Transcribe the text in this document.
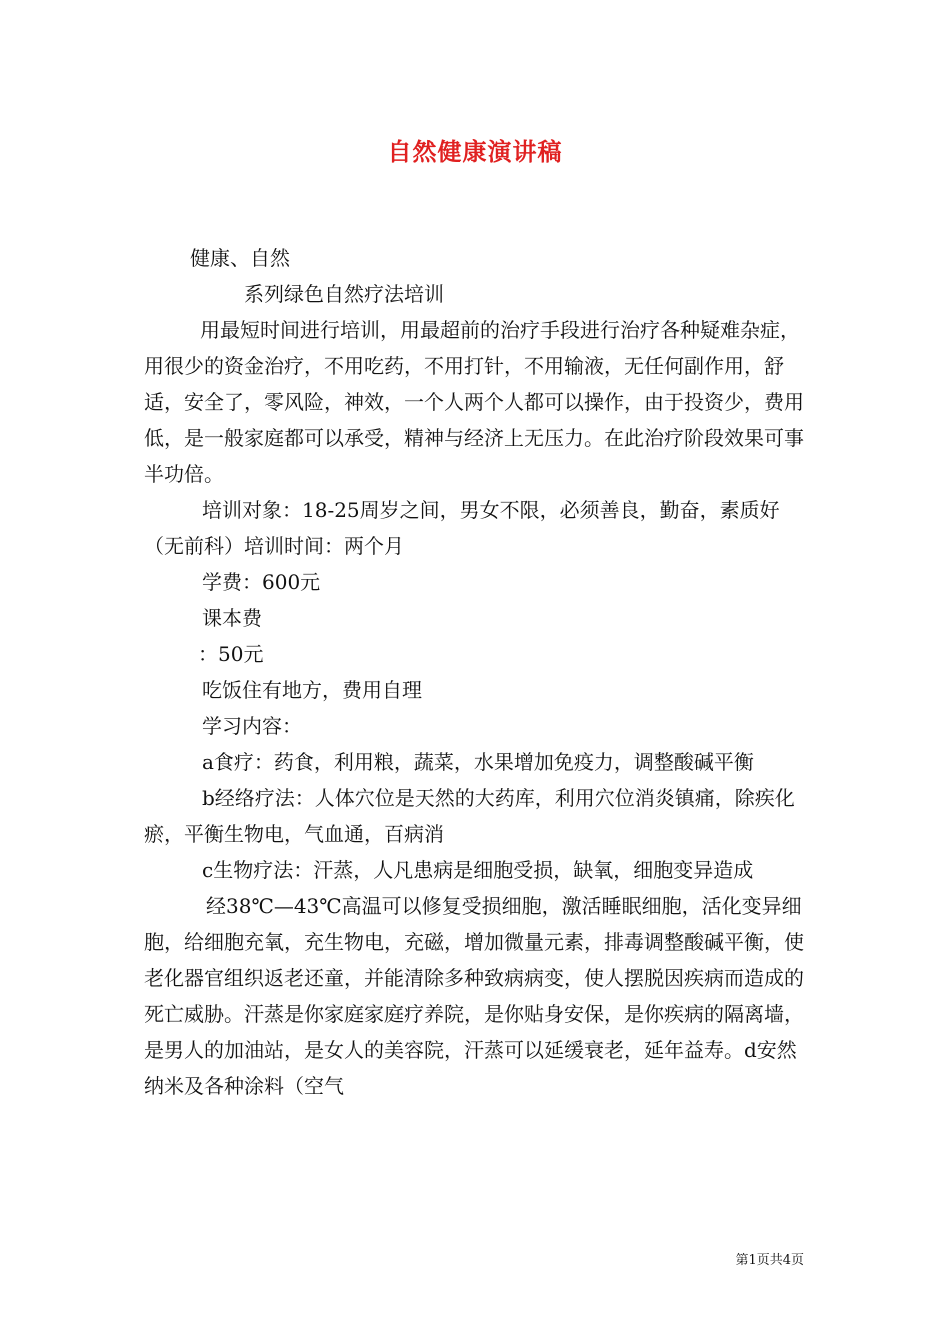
自然健康演讲稿

健康、自然

系列绿色自然疗法培训

用最短时间进行培训，用最超前的治疗手段进行治疗各种疑难杂症，用很少的资金治疗，不用吃药，不用打针，不用输液，无任何副作用，舒适，安全了，零风险，神效，一个人两个人都可以操作，由于投资少，费用低，是一般家庭都可以承受，精神与经济上无压力。在此治疗阶段效果可事半功倍。

培训对象：18-25周岁之间，男女不限，必须善良，勤奋，素质好（无前科）培训时间：两个月

学费：600元

课本费

：50元

吃饭住有地方，费用自理

学习内容：

a食疗：药食，利用粮，蔬菜，水果增加免疫力，调整酸碱平衡

b经络疗法：人体穴位是天然的大药库，利用穴位消炎镇痛，除疾化瘀，平衡生物电，气血通，百病消

c生物疗法：汗蒸，人凡患病是细胞受损，缺氧，细胞变异造成

经38℃—43℃高温可以修复受损细胞，激活睡眠细胞，活化变异细胞，给细胞充氧，充生物电，充磁，增加微量元素，排毒调整酸碱平衡，使老化器官组织返老还童，并能清除多种致病病变，使人摆脱因疾病而造成的死亡威胁。汗蒸是你家庭家庭疗养院，是你贴身安保，是你疾病的隔离墙，是男人的加油站，是女人的美容院，汗蒸可以延缓衰老，延年益寿。d安然纳米及各种涂料（空气

第1页共4页
